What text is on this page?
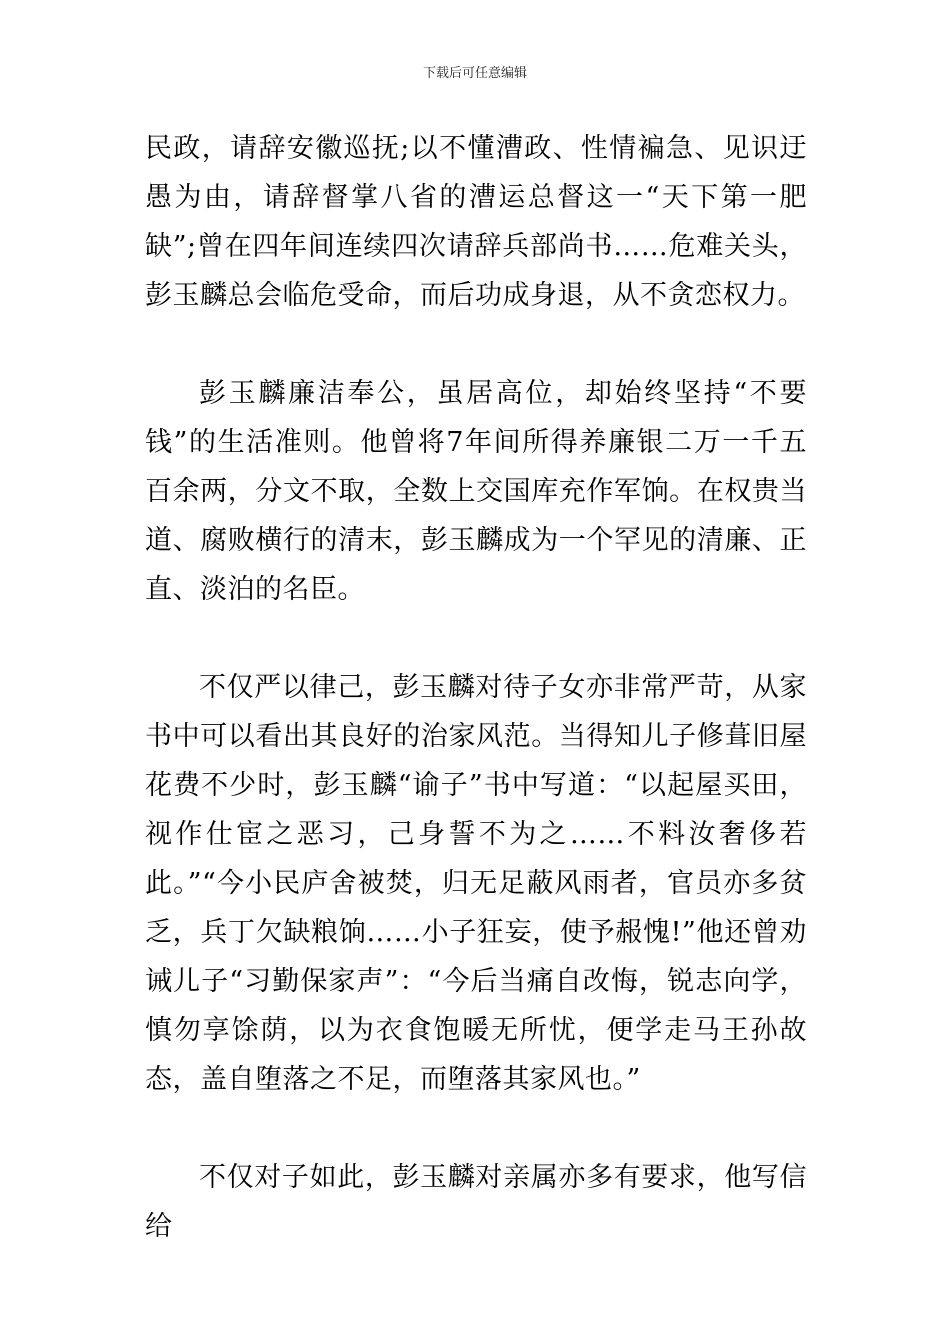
下载后可任意编辑

民政，请辞安徽巡抚;以不懂漕政、性情褊急、见识迂愚为由，请辞督掌八省的漕运总督这一“天下第一肥缺”;曾在四年间连续四次请辞兵部尚书……危难关头，彭玉麟总会临危受命，而后功成身退，从不贪恋权力。

彭玉麟廉洁奉公，虽居高位，却始终坚持“不要钱”的生活准则。他曾将7年间所得养廉银二万一千五百余两，分文不取，全数上交国库充作军饷。在权贵当道、腐败横行的清末，彭玉麟成为一个罕见的清廉、正直、淡泊的名臣。

不仅严以律己，彭玉麟对待子女亦非常严苛，从家书中可以看出其良好的治家风范。当得知儿子修葺旧屋花费不少时，彭玉麟“谕子”书中写道：“以起屋买田，视作仕宦之恶习，己身誓不为之……不料汝奢侈若此。”“今小民庐舍被焚，归无足蔽风雨者，官员亦多贫乏，兵丁欠缺粮饷……小子狂妄，使予赧愧!”他还曾劝诫儿子“习勤保家声”：“今后当痛自改悔，锐志向学，慎勿享馀荫，以为衣食饱暖无所忧，便学走马王孙故态，盖自堕落之不足，而堕落其家风也。”

不仅对子如此，彭玉麟对亲属亦多有要求，他写信给
